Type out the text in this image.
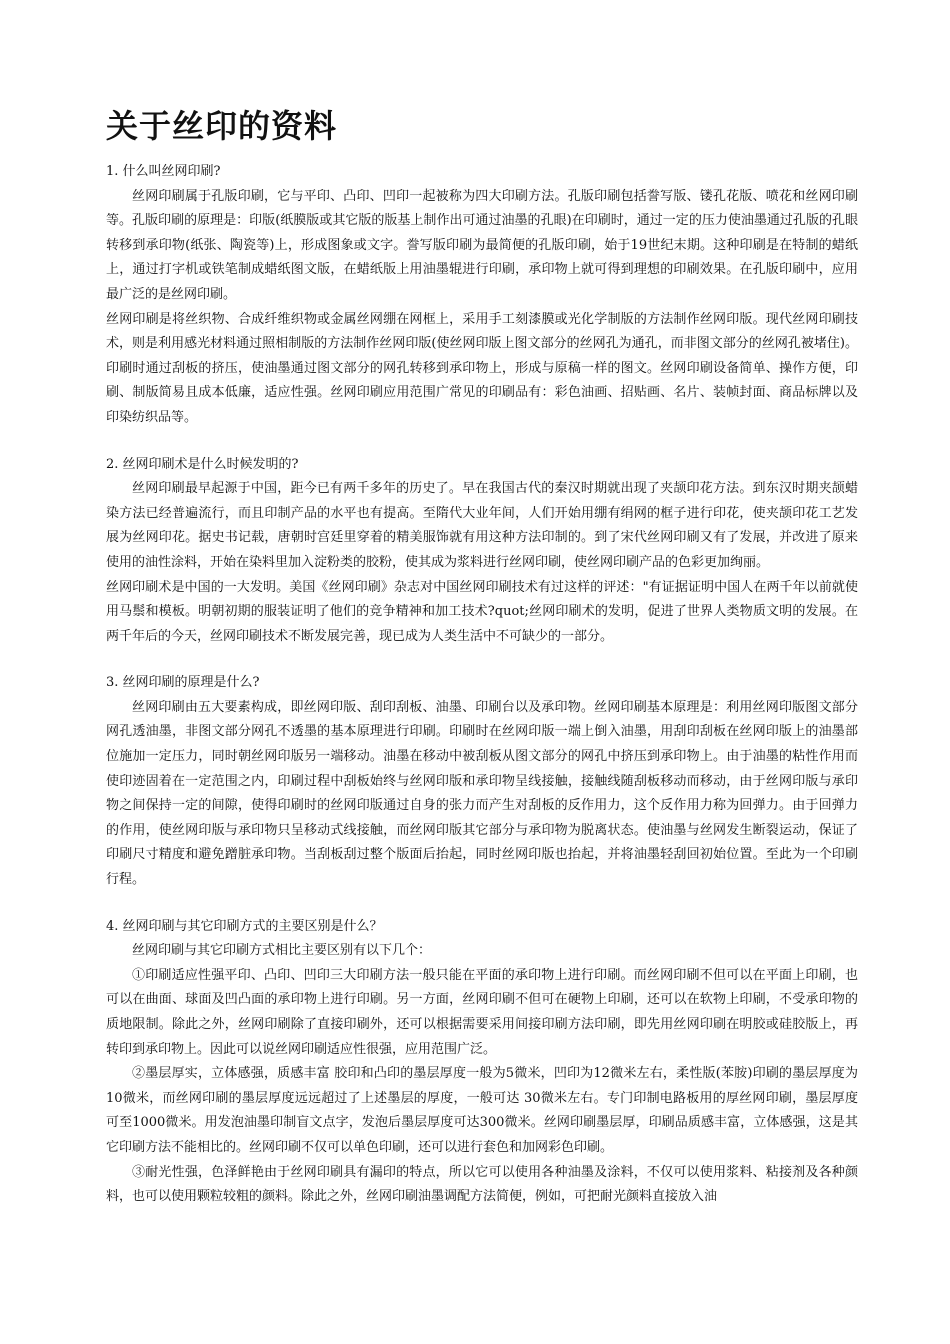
关于丝印的资料

1. 什么叫丝网印刷?

丝网印刷属于孔版印刷，它与平印、凸印、凹印一起被称为四大印刷方法。孔版印刷包括誊写版、镂孔花版、喷花和丝网印刷等。孔版印刷的原理是：印版(纸膜版或其它版的版基上制作出可通过油墨的孔眼)在印刷时，通过一定的压力使油墨通过孔版的孔眼转移到承印物(纸张、陶瓷等)上，形成图象或文字。誊写版印刷为最简便的孔版印刷，始于19世纪末期。这种印刷是在特制的蜡纸上，通过打字机或铁笔制成蜡纸图文版，在蜡纸版上用油墨辊进行印刷，承印物上就可得到理想的印刷效果。在孔版印刷中，应用最广泛的是丝网印刷。

丝网印刷是将丝织物、合成纤维织物或金属丝网绷在网框上，采用手工刻漆膜或光化学制版的方法制作丝网印版。现代丝网印刷技术，则是利用感光材料通过照相制版的方法制作丝网印版(使丝网印版上图文部分的丝网孔为通孔，而非图文部分的丝网孔被堵住)。印刷时通过刮板的挤压，使油墨通过图文部分的网孔转移到承印物上，形成与原稿一样的图文。丝网印刷设备简单、操作方便，印刷、制版简易且成本低廉，适应性强。丝网印刷应用范围广常见的印刷品有：彩色油画、招贴画、名片、装帧封面、商品标牌以及印染纺织品等。

2. 丝网印刷术是什么时候发明的?

丝网印刷最早起源于中国，距今已有两千多年的历史了。早在我国古代的秦汉时期就出现了夹颉印花方法。到东汉时期夹颉蜡染方法已经普遍流行，而且印制产品的水平也有提高。至隋代大业年间，人们开始用绷有绢网的框子进行印花，使夹颉印花工艺发展为丝网印花。据史书记载，唐朝时宫廷里穿着的精美服饰就有用这种方法印制的。到了宋代丝网印刷又有了发展，并改进了原来使用的油性涂料，开始在染料里加入淀粉类的胶粉，使其成为浆料进行丝网印刷，使丝网印刷产品的色彩更加绚丽。

丝网印刷术是中国的一大发明。美国《丝网印刷》杂志对中国丝网印刷技术有过这样的评述："有证据证明中国人在两千年以前就使用马鬃和模板。明朝初期的服装证明了他们的竞争精神和加工技术?quot;丝网印刷术的发明，促进了世界人类物质文明的发展。在两千年后的今天，丝网印刷技术不断发展完善，现已成为人类生活中不可缺少的一部分。

3. 丝网印刷的原理是什么?

丝网印刷由五大要素构成，即丝网印版、刮印刮板、油墨、印刷台以及承印物。丝网印刷基本原理是：利用丝网印版图文部分网孔透油墨，非图文部分网孔不透墨的基本原理进行印刷。印刷时在丝网印版一端上倒入油墨，用刮印刮板在丝网印版上的油墨部位施加一定压力，同时朝丝网印版另一端移动。油墨在移动中被刮板从图文部分的网孔中挤压到承印物上。由于油墨的粘性作用而使印迹固着在一定范围之内，印刷过程中刮板始终与丝网印版和承印物呈线接触，接触线随刮板移动而移动，由于丝网印版与承印物之间保持一定的间隙，使得印刷时的丝网印版通过自身的张力而产生对刮板的反作用力，这个反作用力称为回弹力。由于回弹力的作用，使丝网印版与承印物只呈移动式线接触，而丝网印版其它部分与承印物为脱离状态。使油墨与丝网发生断裂运动，保证了印刷尺寸精度和避免蹭脏承印物。当刮板刮过整个版面后抬起，同时丝网印版也抬起，并将油墨轻刮回初始位置。至此为一个印刷行程。

4. 丝网印刷与其它印刷方式的主要区别是什么？

丝网印刷与其它印刷方式相比主要区别有以下几个：

①印刷适应性强平印、凸印、凹印三大印刷方法一般只能在平面的承印物上进行印刷。而丝网印刷不但可以在平面上印刷，也可以在曲面、球面及凹凸面的承印物上进行印刷。另一方面，丝网印刷不但可在硬物上印刷，还可以在软物上印刷，不受承印物的质地限制。除此之外，丝网印刷除了直接印刷外，还可以根据需要采用间接印刷方法印刷，即先用丝网印刷在明胶或硅胶版上，再转印到承印物上。因此可以说丝网印刷适应性很强，应用范围广泛。

②墨层厚实，立体感强，质感丰富 胶印和凸印的墨层厚度一般为5微米，凹印为12微米左右，柔性版(苯胺)印刷的墨层厚度为10微米，而丝网印刷的墨层厚度远远超过了上述墨层的厚度，一般可达 30微米左右。专门印制电路板用的厚丝网印刷，墨层厚度可至1000微米。用发泡油墨印制盲文点字，发泡后墨层厚度可达300微米。丝网印刷墨层厚，印刷品质感丰富，立体感强，这是其它印刷方法不能相比的。丝网印刷不仅可以单色印刷，还可以进行套色和加网彩色印刷。

③耐光性强，色泽鲜艳由于丝网印刷具有漏印的特点，所以它可以使用各种油墨及涂料，不仅可以使用浆料、粘接剂及各种颜料，也可以使用颗粒较粗的颜料。除此之外，丝网印刷油墨调配方法简便，例如，可把耐光颜料直接放入油
